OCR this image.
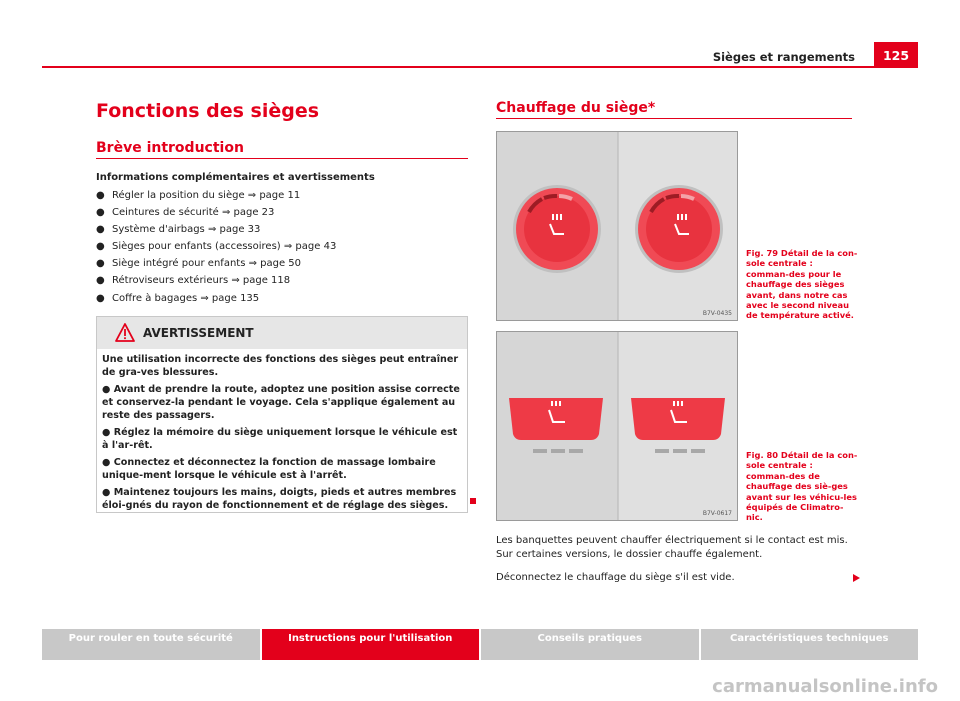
Sièges et rangements	125
Fonctions des sièges
Brève introduction
Informations complémentaires et avertissements
● Régler la position du siège ⇒ page 11
● Ceintures de sécurité ⇒ page 23
● Système d'airbags ⇒ page 33
● Sièges pour enfants (accessoires) ⇒ page 43
● Siège intégré pour enfants ⇒ page 50
● Rétroviseurs extérieurs ⇒ page 118
● Coffre à bagages ⇒ page 135
AVERTISSEMENT

Une utilisation incorrecte des fonctions des sièges peut entraîner de gra-ves blessures.

● Avant de prendre la route, adoptez une position assise correcte et conservez-la pendant le voyage. Cela s'applique également au reste des passagers.

● Réglez la mémoire du siège uniquement lorsque le véhicule est à l'ar-rêt.

● Connectez et déconnectez la fonction de massage lombaire unique-ment lorsque le véhicule est à l'arrêt.

● Maintenez toujours les mains, doigts, pieds et autres membres éloi-gnés du rayon de fonctionnement et de réglage des sièges.

Chauffage du siège*
B7V-0435
Fig. 79 Détail de la con-sole centrale : comman-des pour le chauffage des sièges avant, dans notre cas avec le second niveau de température activé.
B7V-0617
Fig. 80 Détail de la con-sole centrale : comman-des de chauffage des siè-ges avant sur les véhicu-les équipés de Climatro-nic.
Les banquettes peuvent chauffer électriquement si le contact est mis. Sur certaines versions, le dossier chauffe également.
Déconnectez le chauffage du siège s'il est vide.
Pour rouler en toute sécurité	Instructions pour l'utilisation	Conseils pratiques	Caractéristiques techniques
carmanualsonline.info
